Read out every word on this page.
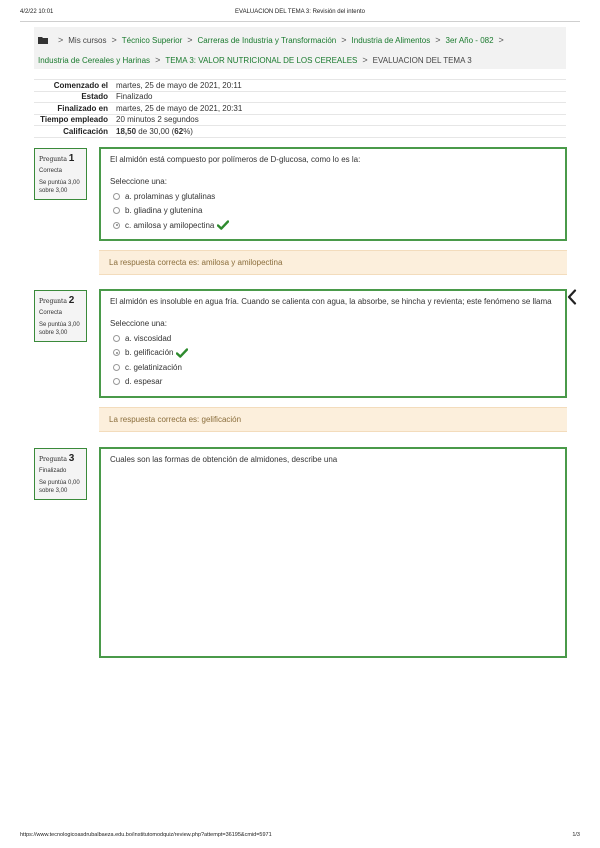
4/2/22 10:01	EVALUACION DEL TEMA 3: Revisión del intento
> Mis cursos > Técnico Superior > Carreras de Industria y Transformación > Industria de Alimentos > 3er Año - 082 >
Industria de Cereales y Harinas > TEMA 3: VALOR NUTRICIONAL DE LOS CEREALES > EVALUACION DEL TEMA 3
Comenzado el	martes, 25 de mayo de 2021, 20:11
Estado	Finalizado
Finalizado en	martes, 25 de mayo de 2021, 20:31
Tiempo empleado	20 minutos 2 segundos
Calificación	18,50 de 30,00 (62%)
Pregunta 1
Correcta
Se puntúa 3,00 sobre 3,00
El almidón está compuesto por polímeros de D-glucosa, como lo es la:
Seleccione una:
a. prolaminas y glutalinas
b. gliadina y glutenina
c. amilosa y amilopectina
La respuesta correcta es: amilosa y amilopectina
Pregunta 2
Correcta
Se puntúa 3,00 sobre 3,00
El almidón es insoluble en agua fría. Cuando se calienta con agua, la absorbe, se hincha y revienta; este fenómeno se llama
Seleccione una:
a. viscosidad
b. gelificación
c. gelatinización
d. espesar
La respuesta correcta es: gelificación
Pregunta 3
Finalizado
Se puntúa 0,00 sobre 3,00
Cuales son las formas de obtención de almidones, describe una
https://www.tecnologicoasdrubalbaeza.edu.bo/institutomodquiz/review.php?attempt=36195&cmid=5971	1/3
